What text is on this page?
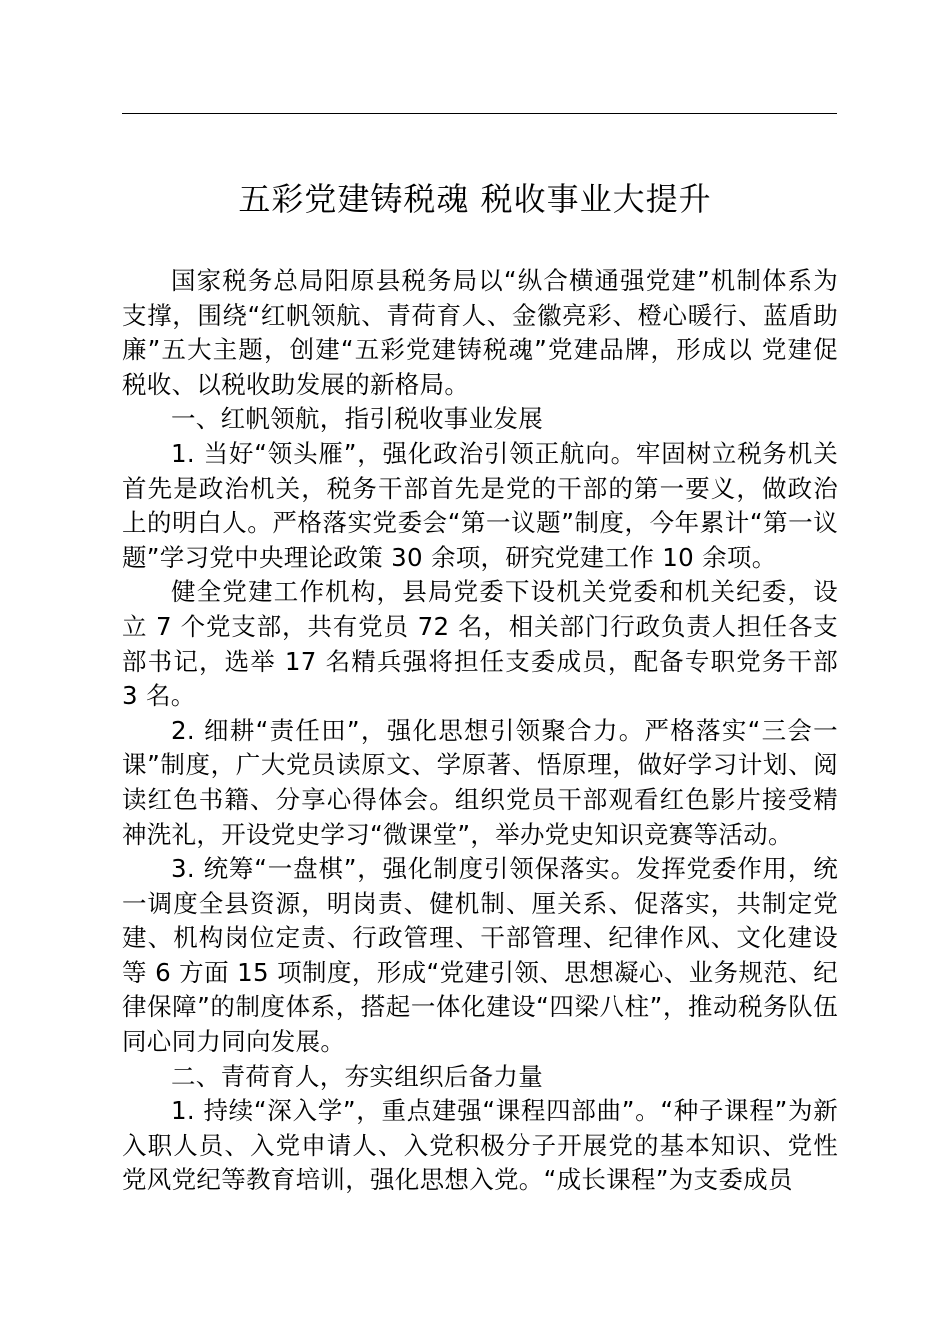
五彩党建铸税魂 税收事业大提升

国家税务总局阳原县税务局以“纵合横通强党建”机制体系为支撑，围绕“红帆领航、青荷育人、金徽亮彩、橙心暖行、蓝盾助廉”五大主题，创建“五彩党建铸税魂”党建品牌，形成以 党建促税收、以税收助发展的新格局。

一、红帆领航，指引税收事业发展

1. 当好“领头雁”，强化政治引领正航向。牢固树立税务机关首先是政治机关，税务干部首先是党的干部的第一要义，做政治上的明白人。严格落实党委会“第一议题”制度，今年累计“第一议题”学习党中央理论政策 30 余项，研究党建工作 10 余项。

健全党建工作机构，县局党委下设机关党委和机关纪委，设立 7 个党支部，共有党员 72 名，相关部门行政负责人担任各支部书记，选举 17 名精兵强将担任支委成员，配备专职党务干部 3 名。

2. 细耕“责任田”，强化思想引领聚合力。严格落实“三会一课”制度，广大党员读原文、学原著、悟原理，做好学习计划、阅读红色书籍、分享心得体会。组织党员干部观看红色影片接受精神洗礼，开设党史学习“微课堂”，举办党史知识竞赛等活动。

3. 统筹“一盘棋”，强化制度引领保落实。发挥党委作用，统一调度全县资源，明岗责、健机制、厘关系、促落实，共制定党建、机构岗位定责、行政管理、干部管理、纪律作风、文化建设等 6 方面 15 项制度，形成“党建引领、思想凝心、业务规范、纪律保障”的制度体系，搭起一体化建设“四梁八柱”，推动税务队伍同心同力同向发展。

二、青荷育人，夯实组织后备力量

1. 持续“深入学”，重点建强“课程四部曲”。“种子课程”为新入职人员、入党申请人、入党积极分子开展党的基本知识、党性党风党纪等教育培训，强化思想入党。“成长课程”为支委成员
